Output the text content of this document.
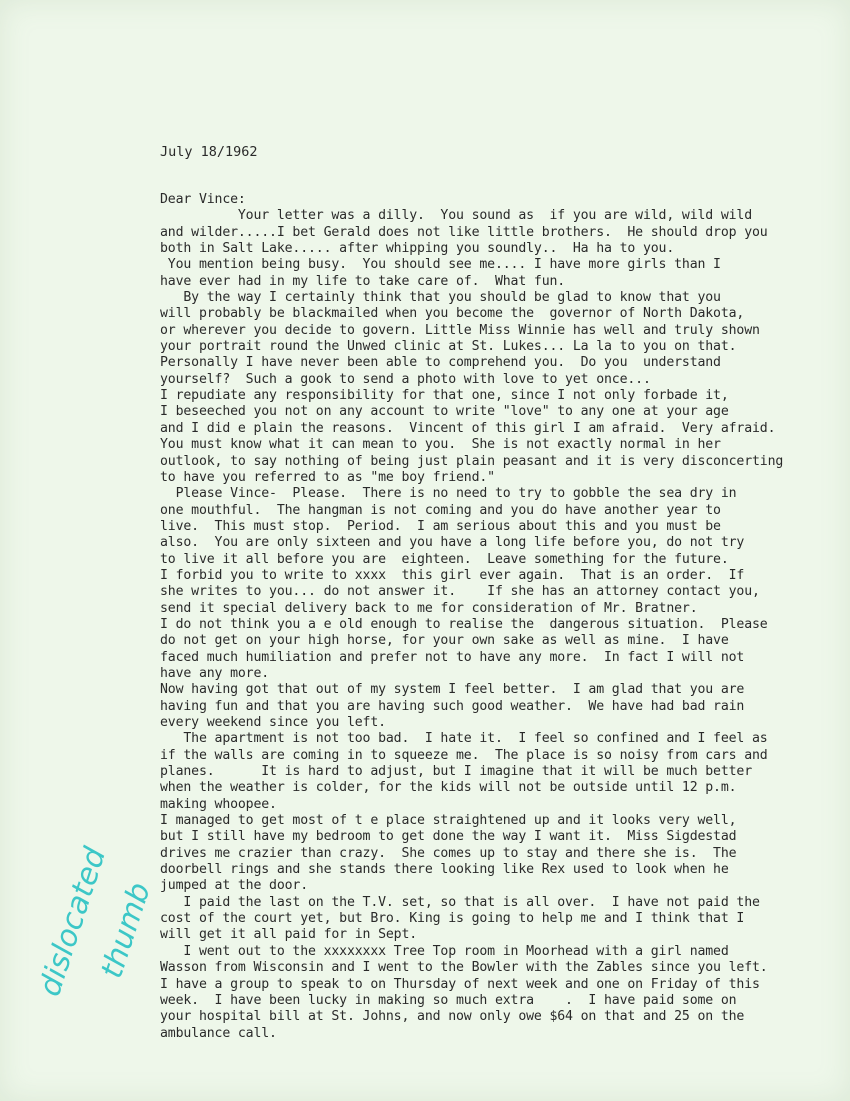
July 18/1962
Dear Vince:
Your letter was a dilly.  You sound as  if you are wild, wild wild
and wilder.....I bet Gerald does not like little brothers.  He should drop you
both in Salt Lake..... after whipping you soundly..  Ha ha to you.
You mention being busy.  You should see me.... I have more girls than I
have ever had in my life to take care of.  What fun.
By the way I certainly think that you should be glad to know that you
will probably be blackmailed when you become the  governor of North Dakota,
or wherever you decide to govern. Little Miss Winnie has well and truly shown
your portrait round the Unwed clinic at St. Lukes... La la to you on that.
Personally I have never been able to comprehend you.  Do you  understand
yourself?  Such a gook to send a photo with love to yet once...
I repudiate any responsibility for that one, since I not only forbade it,
I beseeched you not on any account to write "love" to any one at your age
and I did e plain the reasons.  Vincent of this girl I am afraid.  Very afraid.
You must know what it can mean to you.  She is not exactly normal in her
outlook, to say nothing of being just plain peasant and it is very disconcerting
to have you referred to as "me boy friend."
Please Vince-  Please.  There is no need to try to gobble the sea dry in
one mouthful.  The hangman is not coming and you do have another year to
live.  This must stop.  Period.  I am serious about this and you must be
also.  You are only sixteen and you have a long life before you, do not try
to live it all before you are  eighteen.  Leave something for the future.
I forbid you to write to xxxx  this girl ever again.  That is an order.  If
she writes to you... do not answer it.    If she has an attorney contact you,
send it special delivery back to me for consideration of Mr. Bratner.
I do not think you a e old enough to realise the  dangerous situation.  Please
do not get on your high horse, for your own sake as well as mine.  I have
faced much humiliation and prefer not to have any more.  In fact I will not
have any more.
Now having got that out of my system I feel better.  I am glad that you are
having fun and that you are having such good weather.  We have had bad rain
every weekend since you left.
The apartment is not too bad.  I hate it.  I feel so confined and I feel as
if the walls are coming in to squeeze me.  The place is so noisy from cars and
planes.      It is hard to adjust, but I imagine that it will be much better
when the weather is colder, for the kids will not be outside until 12 p.m.
making whoopee.
I managed to get most of t e place straightened up and it looks very well,
but I still have my bedroom to get done the way I want it.  Miss Sigdestad
drives me crazier than crazy.  She comes up to stay and there she is.  The
doorbell rings and she stands there looking like Rex used to look when he
jumped at the door.
I paid the last on the T.V. set, so that is all over.  I have not paid the
cost of the court yet, but Bro. King is going to help me and I think that I
will get it all paid for in Sept.
I went out to the xxxxxxxx Tree Top room in Moorhead with a girl named
Wasson from Wisconsin and I went to the Bowler with the Zables since you left.
I have a group to speak to on Thursday of next week and one on Friday of this
week.  I have been lucky in making so much extra    .  I have paid some on
your hospital bill at St. Johns, and now only owe $64 on that and 25 on the
ambulance call.
dislocated
thumb
